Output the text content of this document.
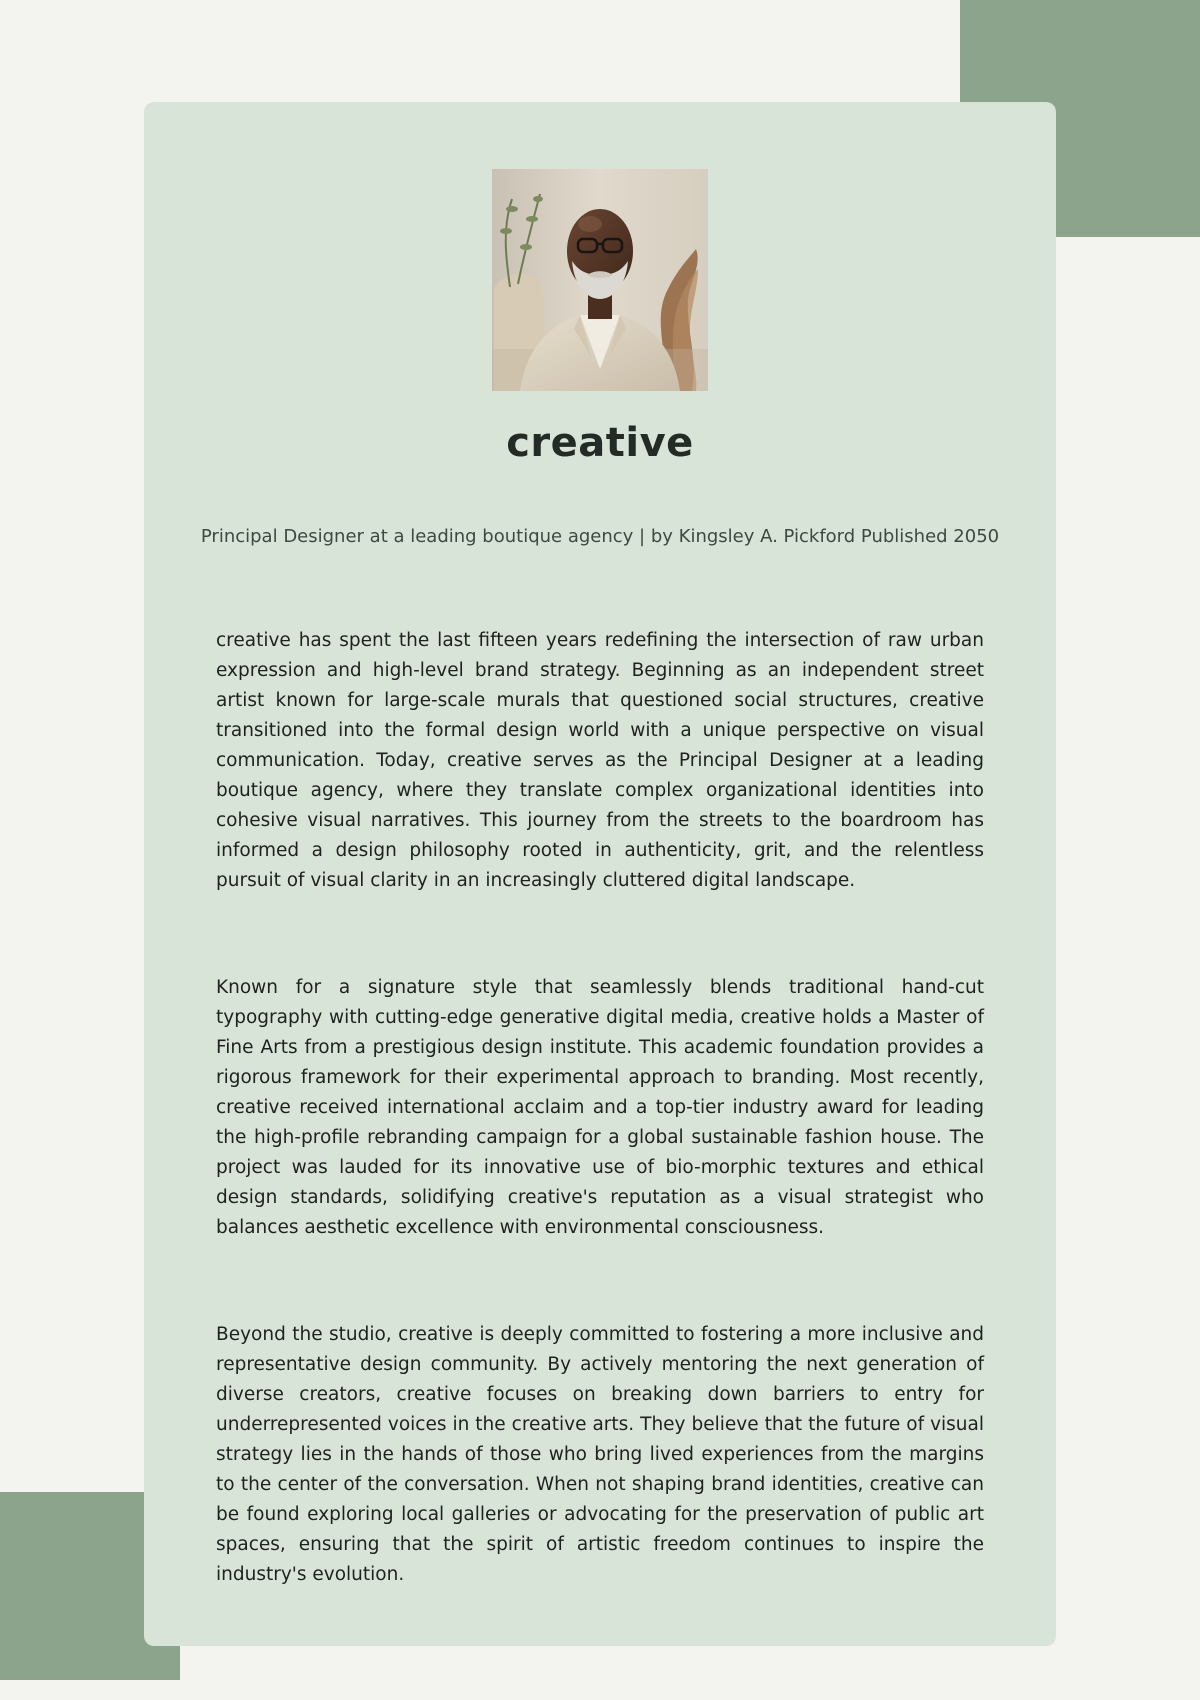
creative
Principal Designer at a leading boutique agency | by Kingsley A. Pickford Published 2050

creative has spent the last fifteen years redefining the intersection of raw urban expression and high-level brand strategy. Beginning as an independent street artist known for large-scale murals that questioned social structures, creative transitioned into the formal design world with a unique perspective on visual communication. Today, creative serves as the Principal Designer at a leading boutique agency, where they translate complex organizational identities into cohesive visual narratives. This journey from the streets to the boardroom has informed a design philosophy rooted in authenticity, grit, and the relentless pursuit of visual clarity in an increasingly cluttered digital landscape.

Known for a signature style that seamlessly blends traditional hand-cut typography with cutting-edge generative digital media, creative holds a Master of Fine Arts from a prestigious design institute. This academic foundation provides a rigorous framework for their experimental approach to branding. Most recently, creative received international acclaim and a top-tier industry award for leading the high-profile rebranding campaign for a global sustainable fashion house. The project was lauded for its innovative use of bio-morphic textures and ethical design standards, solidifying creative's reputation as a visual strategist who balances aesthetic excellence with environmental consciousness.

Beyond the studio, creative is deeply committed to fostering a more inclusive and representative design community. By actively mentoring the next generation of diverse creators, creative focuses on breaking down barriers to entry for underrepresented voices in the creative arts. They believe that the future of visual strategy lies in the hands of those who bring lived experiences from the margins to the center of the conversation. When not shaping brand identities, creative can be found exploring local galleries or advocating for the preservation of public art spaces, ensuring that the spirit of artistic freedom continues to inspire the industry's evolution.
